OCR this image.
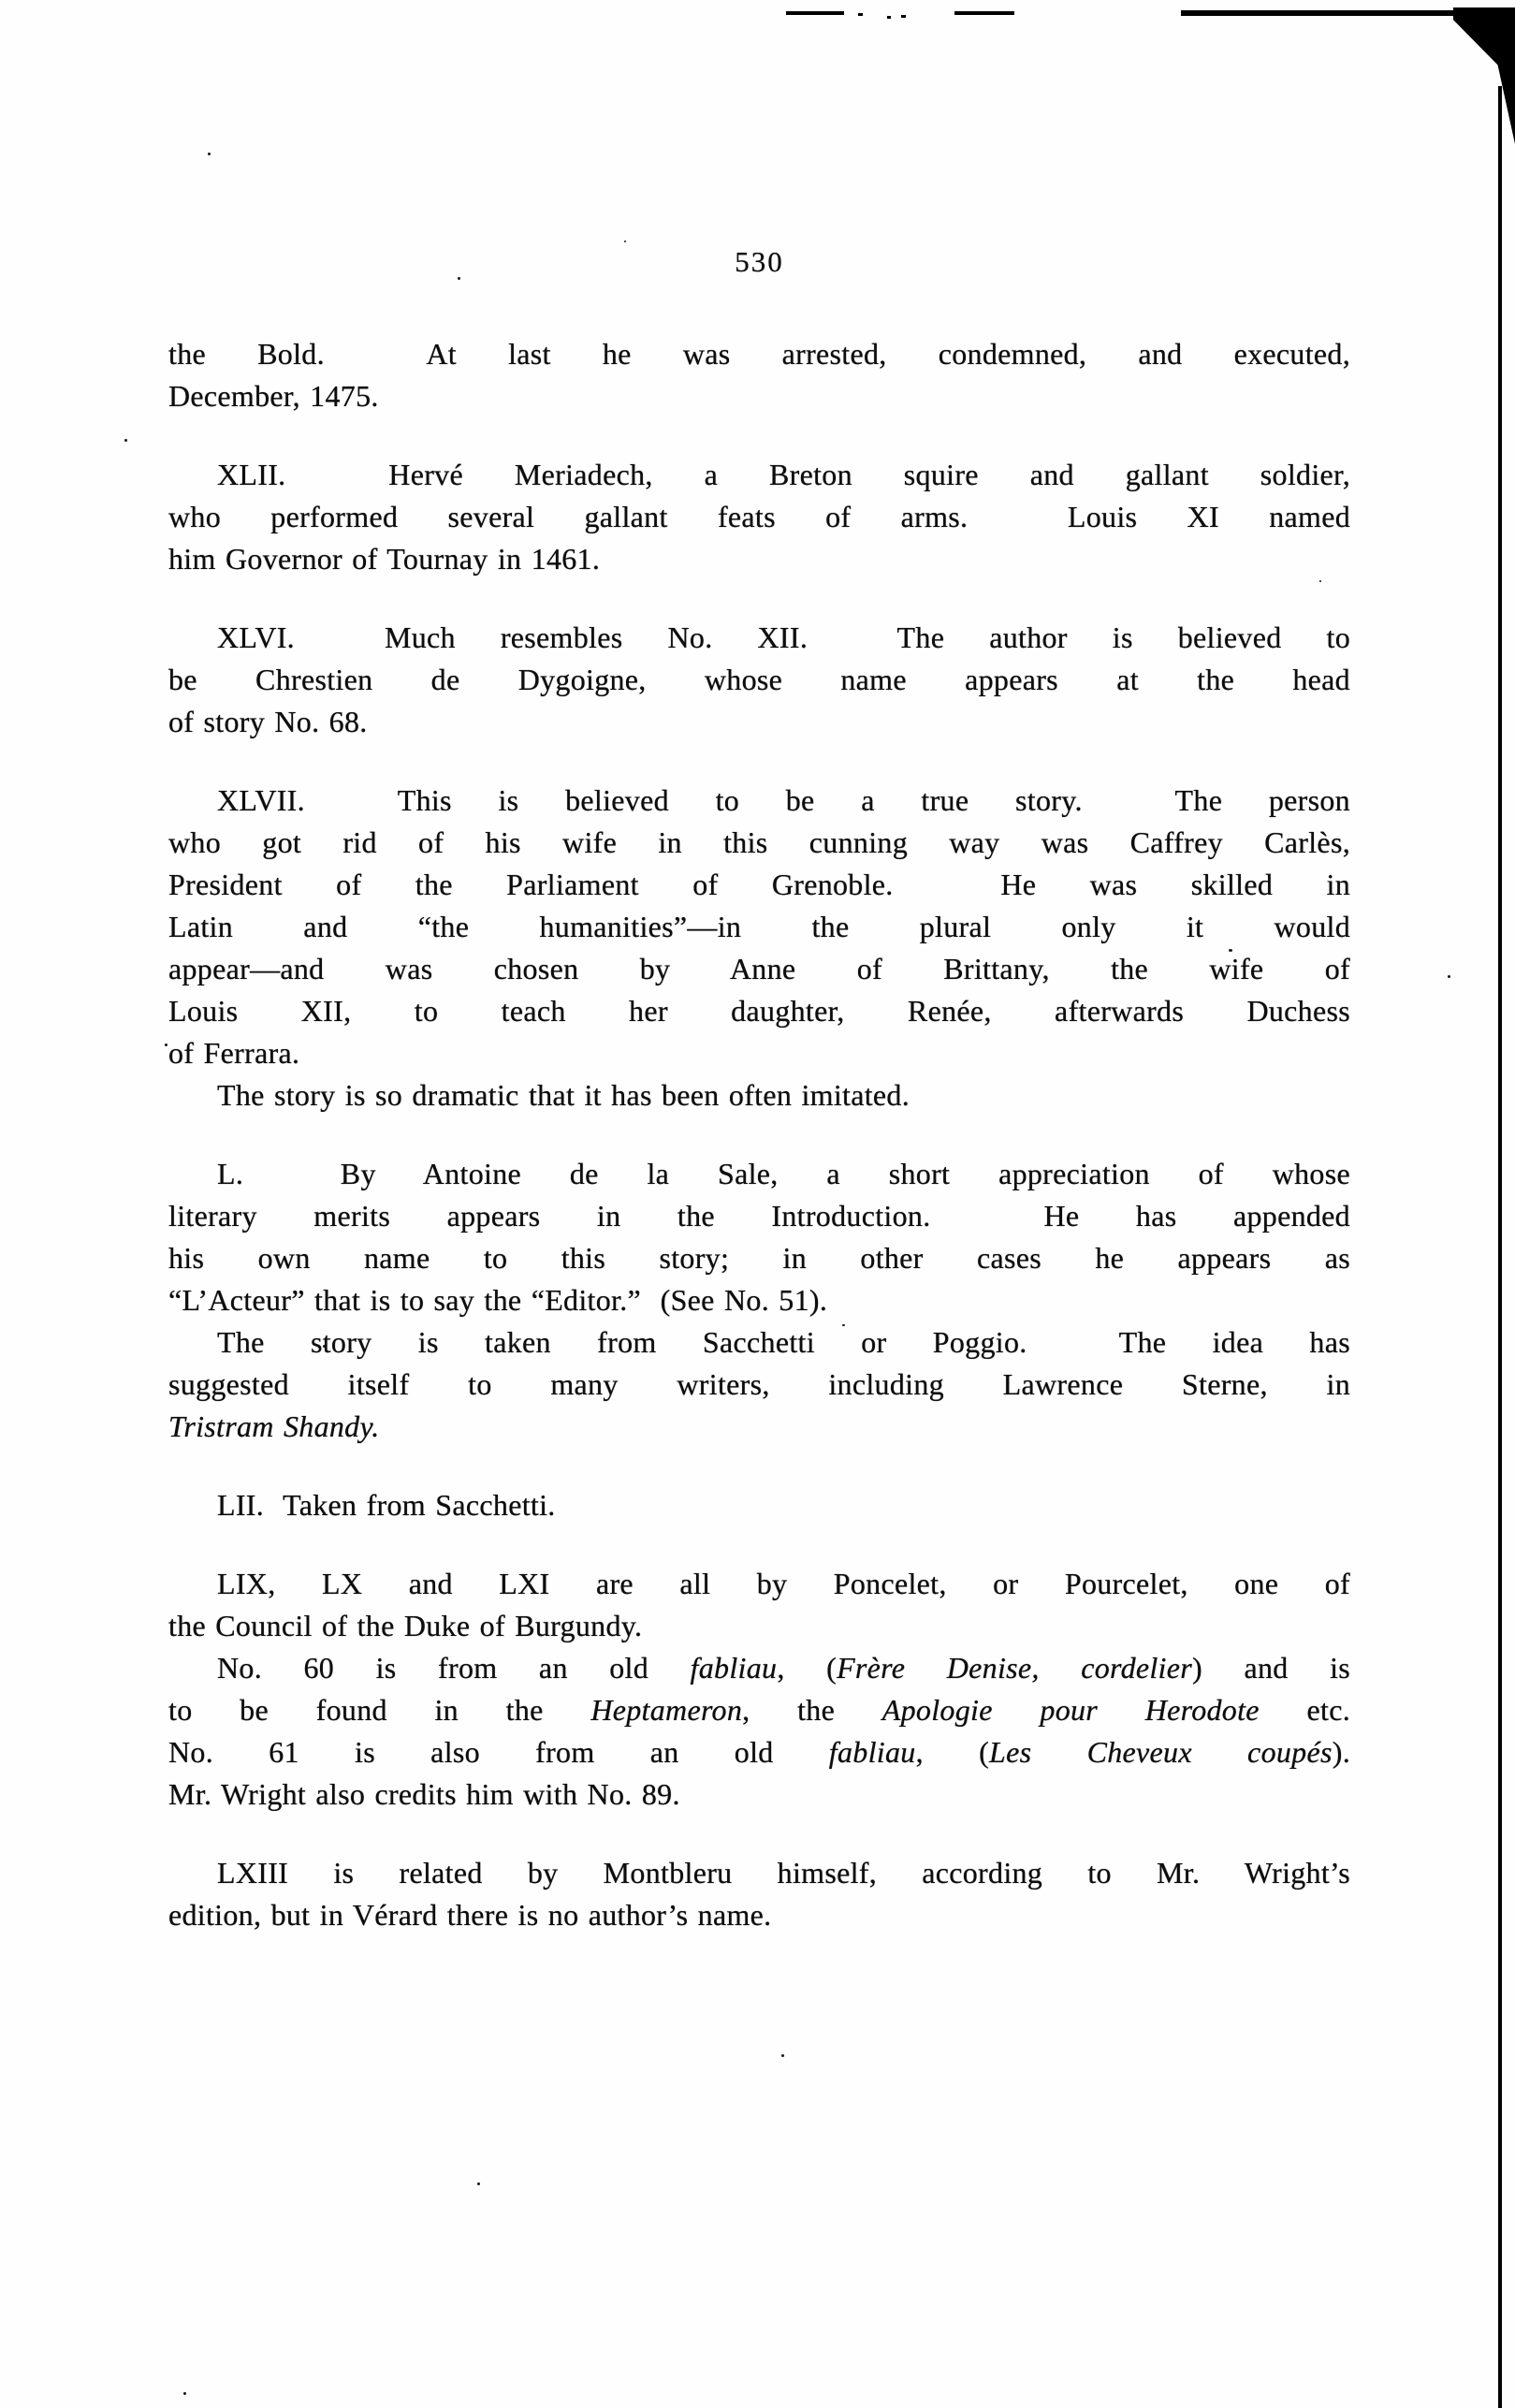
530
the Bold.  At last he was arrested, condemned, and executed,
December, 1475.
XLII.  Hervé Meriadech, a Breton squire and gallant soldier,
who performed several gallant feats of arms.  Louis XI named
him Governor of Tournay in 1461.
XLVI.  Much resembles No. XII.  The author is believed to
be Chrestien de Dygoigne, whose name appears at the head
of story No. 68.
XLVII.  This is believed to be a true story.  The person
who got rid of his wife in this cunning way was Caffrey Carlès,
President of the Parliament of Grenoble.  He was skilled in
Latin and “the humanities”—in the plural only it would
appear—and was chosen by Anne of Brittany, the wife of
Louis XII, to teach her daughter, Renée, afterwards Duchess
of Ferrara.
The story is so dramatic that it has been often imitated.
L.  By Antoine de la Sale, a short appreciation of whose
literary merits appears in the Introduction.  He has appended
his own name to this story; in other cases he appears as
“L’Acteur” that is to say the “Editor.”  (See No. 51).
The story is taken from Sacchetti or Poggio.  The idea has
suggested itself to many writers, including Lawrence Sterne, in
Tristram Shandy.
LII.  Taken from Sacchetti.
LIX, LX and LXI are all by Poncelet, or Pourcelet, one of
the Council of the Duke of Burgundy.
No. 60 is from an old fabliau, (Frère Denise, cordelier) and is
to be found in the Heptameron, the Apologie pour Herodote etc.
No. 61 is also from an old fabliau, (Les Cheveux coupés).
Mr. Wright also credits him with No. 89.
LXIII is related by Montbleru himself, according to Mr. Wright’s
edition, but in Vérard there is no author’s name.
